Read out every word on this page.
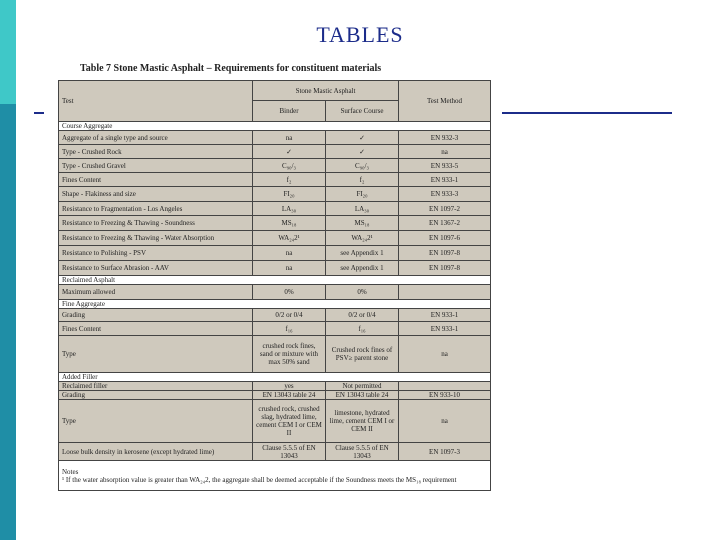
TABLES
Table 7 Stone Mastic Asphalt – Requirements for constituent materials
Test	Stone Mastic Asphalt		Test Method
	Binder	Surface Course	
Course Aggregate			
Aggregate of a single type and source	na	✓	EN 932-3
Type - Crushed Rock	✓	✓	na
Type - Crushed Gravel	C₉₀/₃	C₉₀/₃	EN 933-5
Fines Content	f₂	f₂	EN 933-1
Shape - Flakiness and size	FI₂₀	FI₂₀	EN 933-3
Resistance to Fragmentation - Los Angeles	LA₃₀	LA₃₀	EN 1097-2
Resistance to Freezing & Thawing - Soundness	MS₁₈	MS₁₈	EN 1367-2
Resistance to Freezing & Thawing - Water Absorption	WA₂₄2¹	WA₂₄2¹	EN 1097-6
Resistance to Polishing - PSV	na	see Appendix 1	EN 1097-8
Resistance to Surface Abrasion - AAV	na	see Appendix 1	EN 1097-8
Reclaimed Asphalt			
Maximum allowed	0%	0%	
Fine Aggregate			
Grading	0/2 or 0/4	0/2 or 0/4	EN 933-1
Fines Content	f₁₆	f₁₆	EN 933-1
Type	crushed rock fines, sand or mixture with max 50% sand	Crushed rock fines of PSV≥ parent stone	na
Added Filler			
Reclaimed filler	yes	Not permitted	
Grading	EN 13043 table 24	EN 13043 table 24	EN 933-10
Type	crushed rock, crushed slag, hydrated lime, cement CEM I or CEM II	limestone, hydrated lime, cement CEM I or CEM II	na
Loose bulk density in kerosene (except hydrated lime)	Clause 5.5.5 of EN 13043	Clause 5.5.5 of EN 13043	EN 1097-3

Notes
¹ If the water absorption value is greater than WA₂₄2, the aggregate shall be deemed acceptable if the Soundness meets the MS₁₈ requirement			
